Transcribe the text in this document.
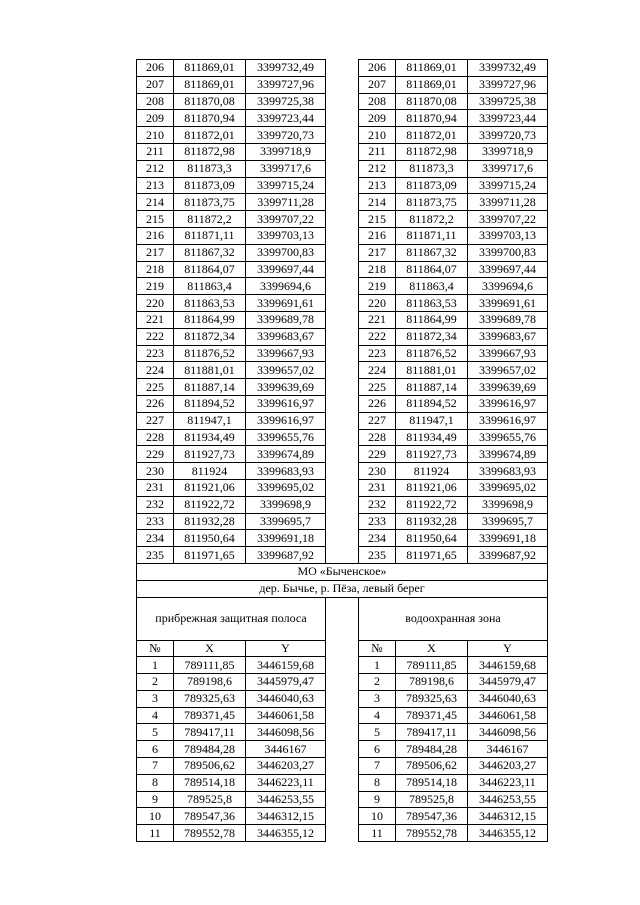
206	811869,01	3399732,49		206	811869,01	3399732,49
207	811869,01	3399727,96		207	811869,01	3399727,96
208	811870,08	3399725,38		208	811870,08	3399725,38
209	811870,94	3399723,44		209	811870,94	3399723,44
210	811872,01	3399720,73		210	811872,01	3399720,73
211	811872,98	3399718,9		211	811872,98	3399718,9
212	811873,3	3399717,6		212	811873,3	3399717,6
213	811873,09	3399715,24		213	811873,09	3399715,24
214	811873,75	3399711,28		214	811873,75	3399711,28
215	811872,2	3399707,22		215	811872,2	3399707,22
216	811871,11	3399703,13		216	811871,11	3399703,13
217	811867,32	3399700,83		217	811867,32	3399700,83
218	811864,07	3399697,44		218	811864,07	3399697,44
219	811863,4	3399694,6		219	811863,4	3399694,6
220	811863,53	3399691,61		220	811863,53	3399691,61
221	811864,99	3399689,78		221	811864,99	3399689,78
222	811872,34	3399683,67		222	811872,34	3399683,67
223	811876,52	3399667,93		223	811876,52	3399667,93
224	811881,01	3399657,02		224	811881,01	3399657,02
225	811887,14	3399639,69		225	811887,14	3399639,69
226	811894,52	3399616,97		226	811894,52	3399616,97
227	811947,1	3399616,97		227	811947,1	3399616,97
228	811934,49	3399655,76		228	811934,49	3399655,76
229	811927,73	3399674,89		229	811927,73	3399674,89
230	811924	3399683,93		230	811924	3399683,93
231	811921,06	3399695,02		231	811921,06	3399695,02
232	811922,72	3399698,9		232	811922,72	3399698,9
233	811932,28	3399695,7		233	811932,28	3399695,7
234	811950,64	3399691,18		234	811950,64	3399691,18
235	811971,65	3399687,92		235	811971,65	3399687,92
МО «Быченское»						
дер. Бычье, р. Пёза, левый берег						
прибрежная защитная полоса				водоохранная зона		
№	X	Y		№	X	Y
1	789111,85	3446159,68		1	789111,85	3446159,68
2	789198,6	3445979,47		2	789198,6	3445979,47
3	789325,63	3446040,63		3	789325,63	3446040,63
4	789371,45	3446061,58		4	789371,45	3446061,58
5	789417,11	3446098,56		5	789417,11	3446098,56
6	789484,28	3446167		6	789484,28	3446167
7	789506,62	3446203,27		7	789506,62	3446203,27
8	789514,18	3446223,11		8	789514,18	3446223,11
9	789525,8	3446253,55		9	789525,8	3446253,55
10	789547,36	3446312,15		10	789547,36	3446312,15
11	789552,78	3446355,12		11	789552,78	3446355,12
